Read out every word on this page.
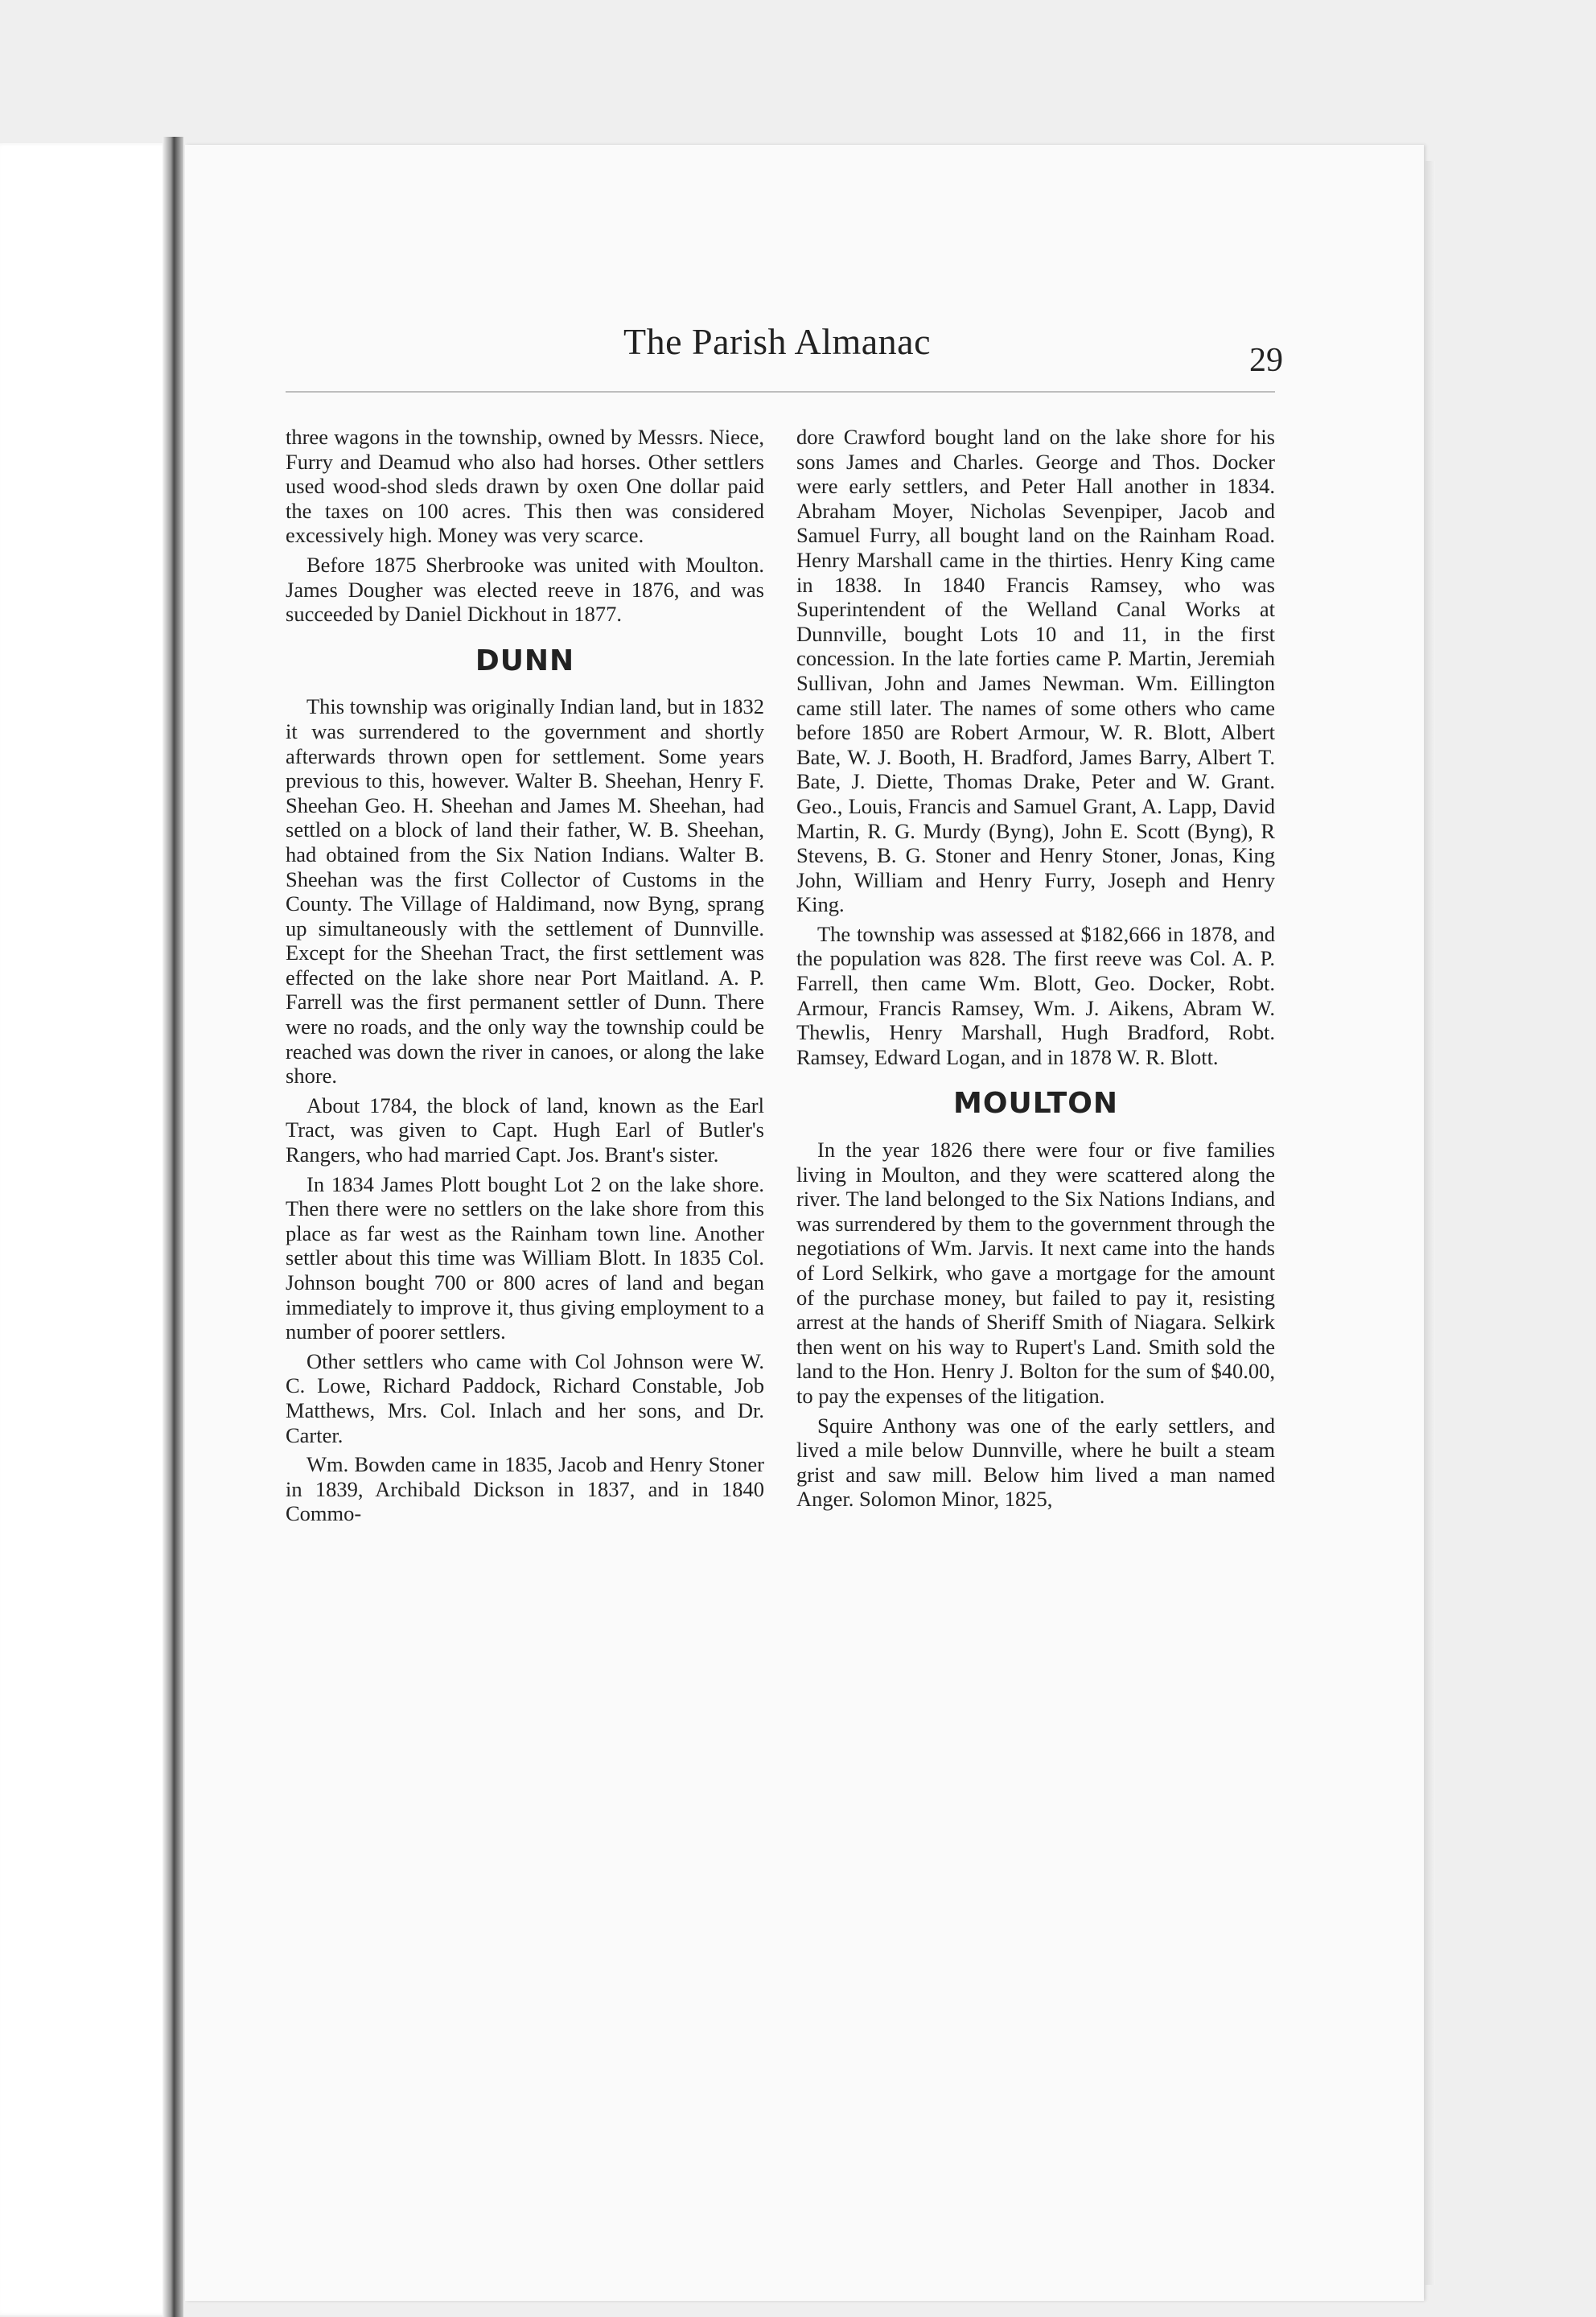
The Parish Almanac	29

three wagons in the township, owned by Messrs. Niece, Furry and Deamud who also had horses. Other settlers used wood-shod sleds drawn by oxen One dollar paid the taxes on 100 acres. This then was considered excessively high. Money was very scarce.

Before 1875 Sherbrooke was united with Moulton. James Dougher was elected reeve in 1876, and was succeeded by Daniel Dickhout in 1877.

DUNN

This township was originally Indian land, but in 1832 it was surrendered to the government and shortly afterwards thrown open for settlement. Some years previous to this, however. Walter B. Sheehan, Henry F. Sheehan Geo. H. Sheehan and James M. Sheehan, had settled on a block of land their father, W. B. Sheehan, had obtained from the Six Nation Indians. Walter B. Sheehan was the first Collector of Customs in the County. The Village of Haldimand, now Byng, sprang up simultaneously with the settlement of Dunnville. Except for the Sheehan Tract, the first settlement was effected on the lake shore near Port Maitland. A. P. Farrell was the first permanent settler of Dunn. There were no roads, and the only way the township could be reached was down the river in canoes, or along the lake shore.

About 1784, the block of land, known as the Earl Tract, was given to Capt. Hugh Earl of Butler's Rangers, who had married Capt. Jos. Brant's sister.

In 1834 James Plott bought Lot 2 on the lake shore. Then there were no settlers on the lake shore from this place as far west as the Rainham town line. Another settler about this time was William Blott. In 1835 Col. Johnson bought 700 or 800 acres of land and began immediately to improve it, thus giving employment to a number of poorer settlers.

Other settlers who came with Col Johnson were W. C. Lowe, Richard Paddock, Richard Constable, Job Matthews, Mrs. Col. Inlach and her sons, and Dr. Carter.

Wm. Bowden came in 1835, Jacob and Henry Stoner in 1839, Archibald Dickson in 1837, and in 1840 Commo-

dore Crawford bought land on the lake shore for his sons James and Charles. George and Thos. Docker were early settlers, and Peter Hall another in 1834. Abraham Moyer, Nicholas Sevenpiper, Jacob and Samuel Furry, all bought land on the Rainham Road. Henry Marshall came in the thirties. Henry King came in 1838. In 1840 Francis Ramsey, who was Superintendent of the Welland Canal Works at Dunnville, bought Lots 10 and 11, in the first concession. In the late forties came P. Martin, Jeremiah Sullivan, John and James Newman. Wm. Eillington came still later. The names of some others who came before 1850 are Robert Armour, W. R. Blott, Albert Bate, W. J. Booth, H. Bradford, James Barry, Albert T. Bate, J. Diette, Thomas Drake, Peter and W. Grant. Geo., Louis, Francis and Samuel Grant, A. Lapp, David Martin, R. G. Murdy (Byng), John E. Scott (Byng), R Stevens, B. G. Stoner and Henry Stoner, Jonas, King John, William and Henry Furry, Joseph and Henry King.

The township was assessed at $182,666 in 1878, and the population was 828. The first reeve was Col. A. P. Farrell, then came Wm. Blott, Geo. Docker, Robt. Armour, Francis Ramsey, Wm. J. Aikens, Abram W. Thewlis, Henry Marshall, Hugh Bradford, Robt. Ramsey, Edward Logan, and in 1878 W. R. Blott.

MOULTON

In the year 1826 there were four or five families living in Moulton, and they were scattered along the river. The land belonged to the Six Nations Indians, and was surrendered by them to the government through the negotiations of Wm. Jarvis. It next came into the hands of Lord Selkirk, who gave a mortgage for the amount of the purchase money, but failed to pay it, resisting arrest at the hands of Sheriff Smith of Niagara. Selkirk then went on his way to Rupert's Land. Smith sold the land to the Hon. Henry J. Bolton for the sum of $40.00, to pay the expenses of the litigation.

Squire Anthony was one of the early settlers, and lived a mile below Dunnville, where he built a steam grist and saw mill. Below him lived a man named Anger. Solomon Minor, 1825,
